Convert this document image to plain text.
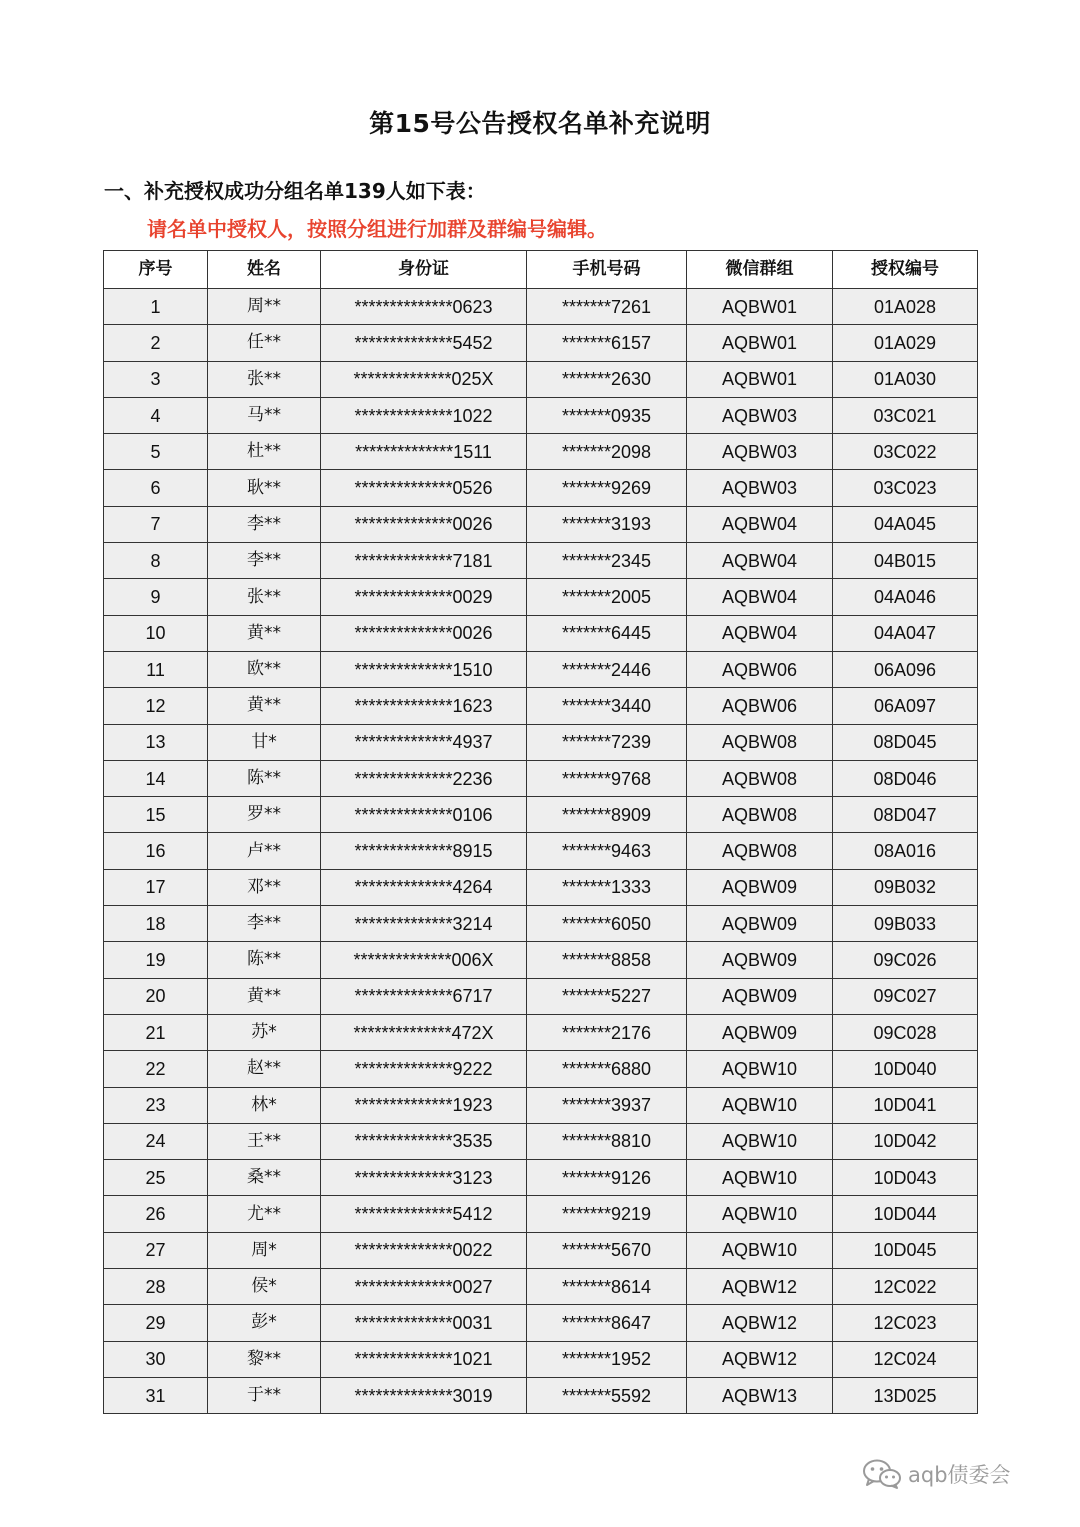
第15号公告授权名单补充说明

一、补充授权成功分组名单139人如下表：

请名单中授权人，按照分组进行加群及群编号编辑。

序号	姓名	身份证	手机号码	微信群组	授权编号
1	周**	**************0623	*******7261	AQBW01	01A028
2	任**	**************5452	*******6157	AQBW01	01A029
3	张**	**************025X	*******2630	AQBW01	01A030
4	马**	**************1022	*******0935	AQBW03	03C021
5	杜**	**************1511	*******2098	AQBW03	03C022
6	耿**	**************0526	*******9269	AQBW03	03C023
7	李**	**************0026	*******3193	AQBW04	04A045
8	李**	**************7181	*******2345	AQBW04	04B015
9	张**	**************0029	*******2005	AQBW04	04A046
10	黄**	**************0026	*******6445	AQBW04	04A047
11	欧**	**************1510	*******2446	AQBW06	06A096
12	黄**	**************1623	*******3440	AQBW06	06A097
13	甘*	**************4937	*******7239	AQBW08	08D045
14	陈**	**************2236	*******9768	AQBW08	08D046
15	罗**	**************0106	*******8909	AQBW08	08D047
16	卢**	**************8915	*******9463	AQBW08	08A016
17	邓**	**************4264	*******1333	AQBW09	09B032
18	李**	**************3214	*******6050	AQBW09	09B033
19	陈**	**************006X	*******8858	AQBW09	09C026
20	黄**	**************6717	*******5227	AQBW09	09C027
21	苏*	**************472X	*******2176	AQBW09	09C028
22	赵**	**************9222	*******6880	AQBW10	10D040
23	林*	**************1923	*******3937	AQBW10	10D041
24	王**	**************3535	*******8810	AQBW10	10D042
25	桑**	**************3123	*******9126	AQBW10	10D043
26	尤**	**************5412	*******9219	AQBW10	10D044
27	周*	**************0022	*******5670	AQBW10	10D045
28	侯*	**************0027	*******8614	AQBW12	12C022
29	彭*	**************0031	*******8647	AQBW12	12C023
30	黎**	**************1021	*******1952	AQBW12	12C024
31	于**	**************3019	*******5592	AQBW13	13D025
aqb债委会
